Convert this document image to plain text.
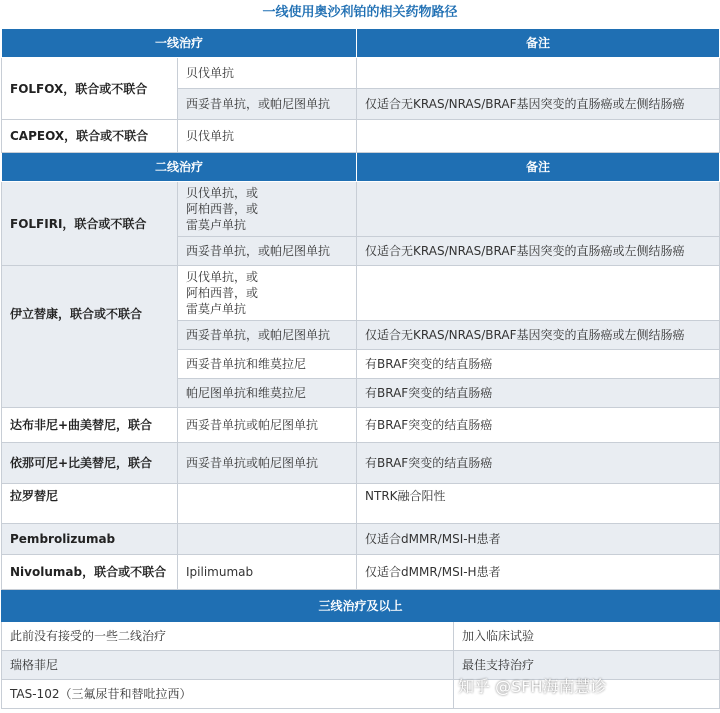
一线使用奥沙利铂的相关药物路径
一线治疗		备注
FOLFOX，联合或不联合	贝伐单抗	
	西妥昔单抗，或帕尼图单抗	仅适合无KRAS/NRAS/BRAF基因突变的直肠癌或左侧结肠癌
CAPEOX，联合或不联合	贝伐单抗	
二线治疗		备注
FOLFIRI，联合或不联合	贝伐单抗，或
阿柏西普，或
雷莫卢单抗	

	西妥昔单抗，或帕尼图单抗	仅适合无KRAS/NRAS/BRAF基因突变的直肠癌或左侧结肠癌
伊立替康，联合或不联合	贝伐单抗，或
阿柏西普，或
雷莫卢单抗	

	西妥昔单抗，或帕尼图单抗	仅适合无KRAS/NRAS/BRAF基因突变的直肠癌或左侧结肠癌
	西妥昔单抗和维莫拉尼	有BRAF突变的结直肠癌
	帕尼图单抗和维莫拉尼	有BRAF突变的结直肠癌
达布非尼+曲美替尼，联合	西妥昔单抗或帕尼图单抗	有BRAF突变的结直肠癌
依那可尼+比美替尼，联合	西妥昔单抗或帕尼图单抗	有BRAF突变的结直肠癌
拉罗替尼		NTRK融合阳性
Pembrolizumab		仅适合dMMR/MSI-H患者
Nivolumab，联合或不联合	Ipilimumab	仅适合dMMR/MSI-H患者
三线治疗及以上	
此前没有接受的一些二线治疗	加入临床试验
瑞格菲尼	最佳支持治疗
TAS-102（三氟尿苷和替吡拉西）		知乎 @SFH海南慧诊
